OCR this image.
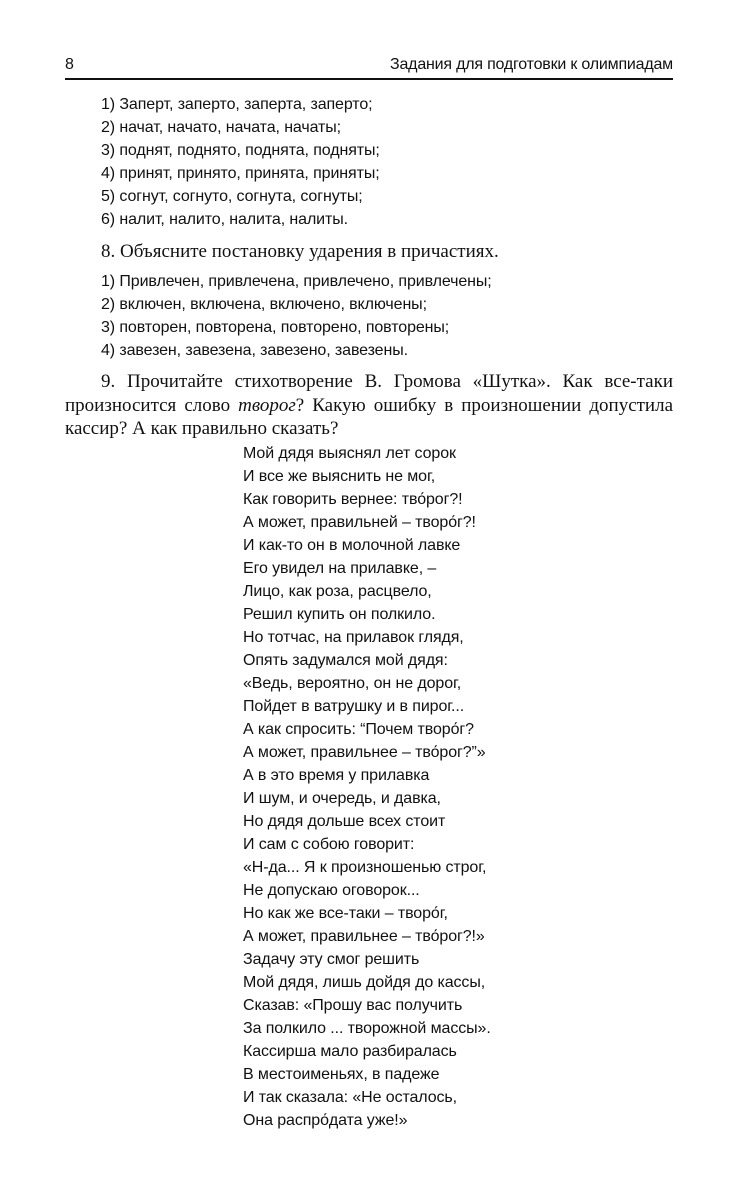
8	Задания для подготовки к олимпиадам
1) Заперт, заперто, заперта, заперто;
2) начат, начато, начата, начаты;
3) поднят, поднято, поднята, подняты;
4) принят, принято, принята, приняты;
5) согнут, согнуто, согнута, согнуты;
6) налит, налито, налита, налиты.
8. Объясните постановку ударения в причастиях.
1) Привлечен, привлечена, привлечено, привлечены;
2) включен, включена, включено, включены;
3) повторен, повторена, повторено, повторены;
4) завезен, завезена, завезено, завезены.
9. Прочитайте стихотворение В. Громова «Шутка». Как все-таки произносится слово творог? Какую ошибку в произношении допустила кассир? А как правильно сказать?
Мой дядя выяснял лет сорок
И все же выяснить не мог,
Как говорить вернее: тво́рог?!
А может, правильней – творо́г?!
И как-то он в молочной лавке
Его увидел на прилавке, –
Лицо, как роза, расцвело,
Решил купить он полкило.
Но тотчас, на прилавок глядя,
Опять задумался мой дядя:
«Ведь, вероятно, он не дорог,
Пойдет в ватрушку и в пирог...
А как спросить: “Почем творо́г?
А может, правильнее – тво́рог?”»
А в это время у прилавка
И шум, и очередь, и давка,
Но дядя дольше всех стоит
И сам с собою говорит:
«Н-да... Я к произношенью строг,
Не допускаю оговорок...
Но как же все-таки – творо́г,
А может, правильнее – тво́рог?!»
Задачу эту смог решить
Мой дядя, лишь дойдя до кассы,
Сказав: «Прошу вас получить
За полкило ... творожной массы».
Кассирша мало разбиралась
В местоименьях, в падеже
И так сказала: «Не осталось,
Она распро́дата уже!»
